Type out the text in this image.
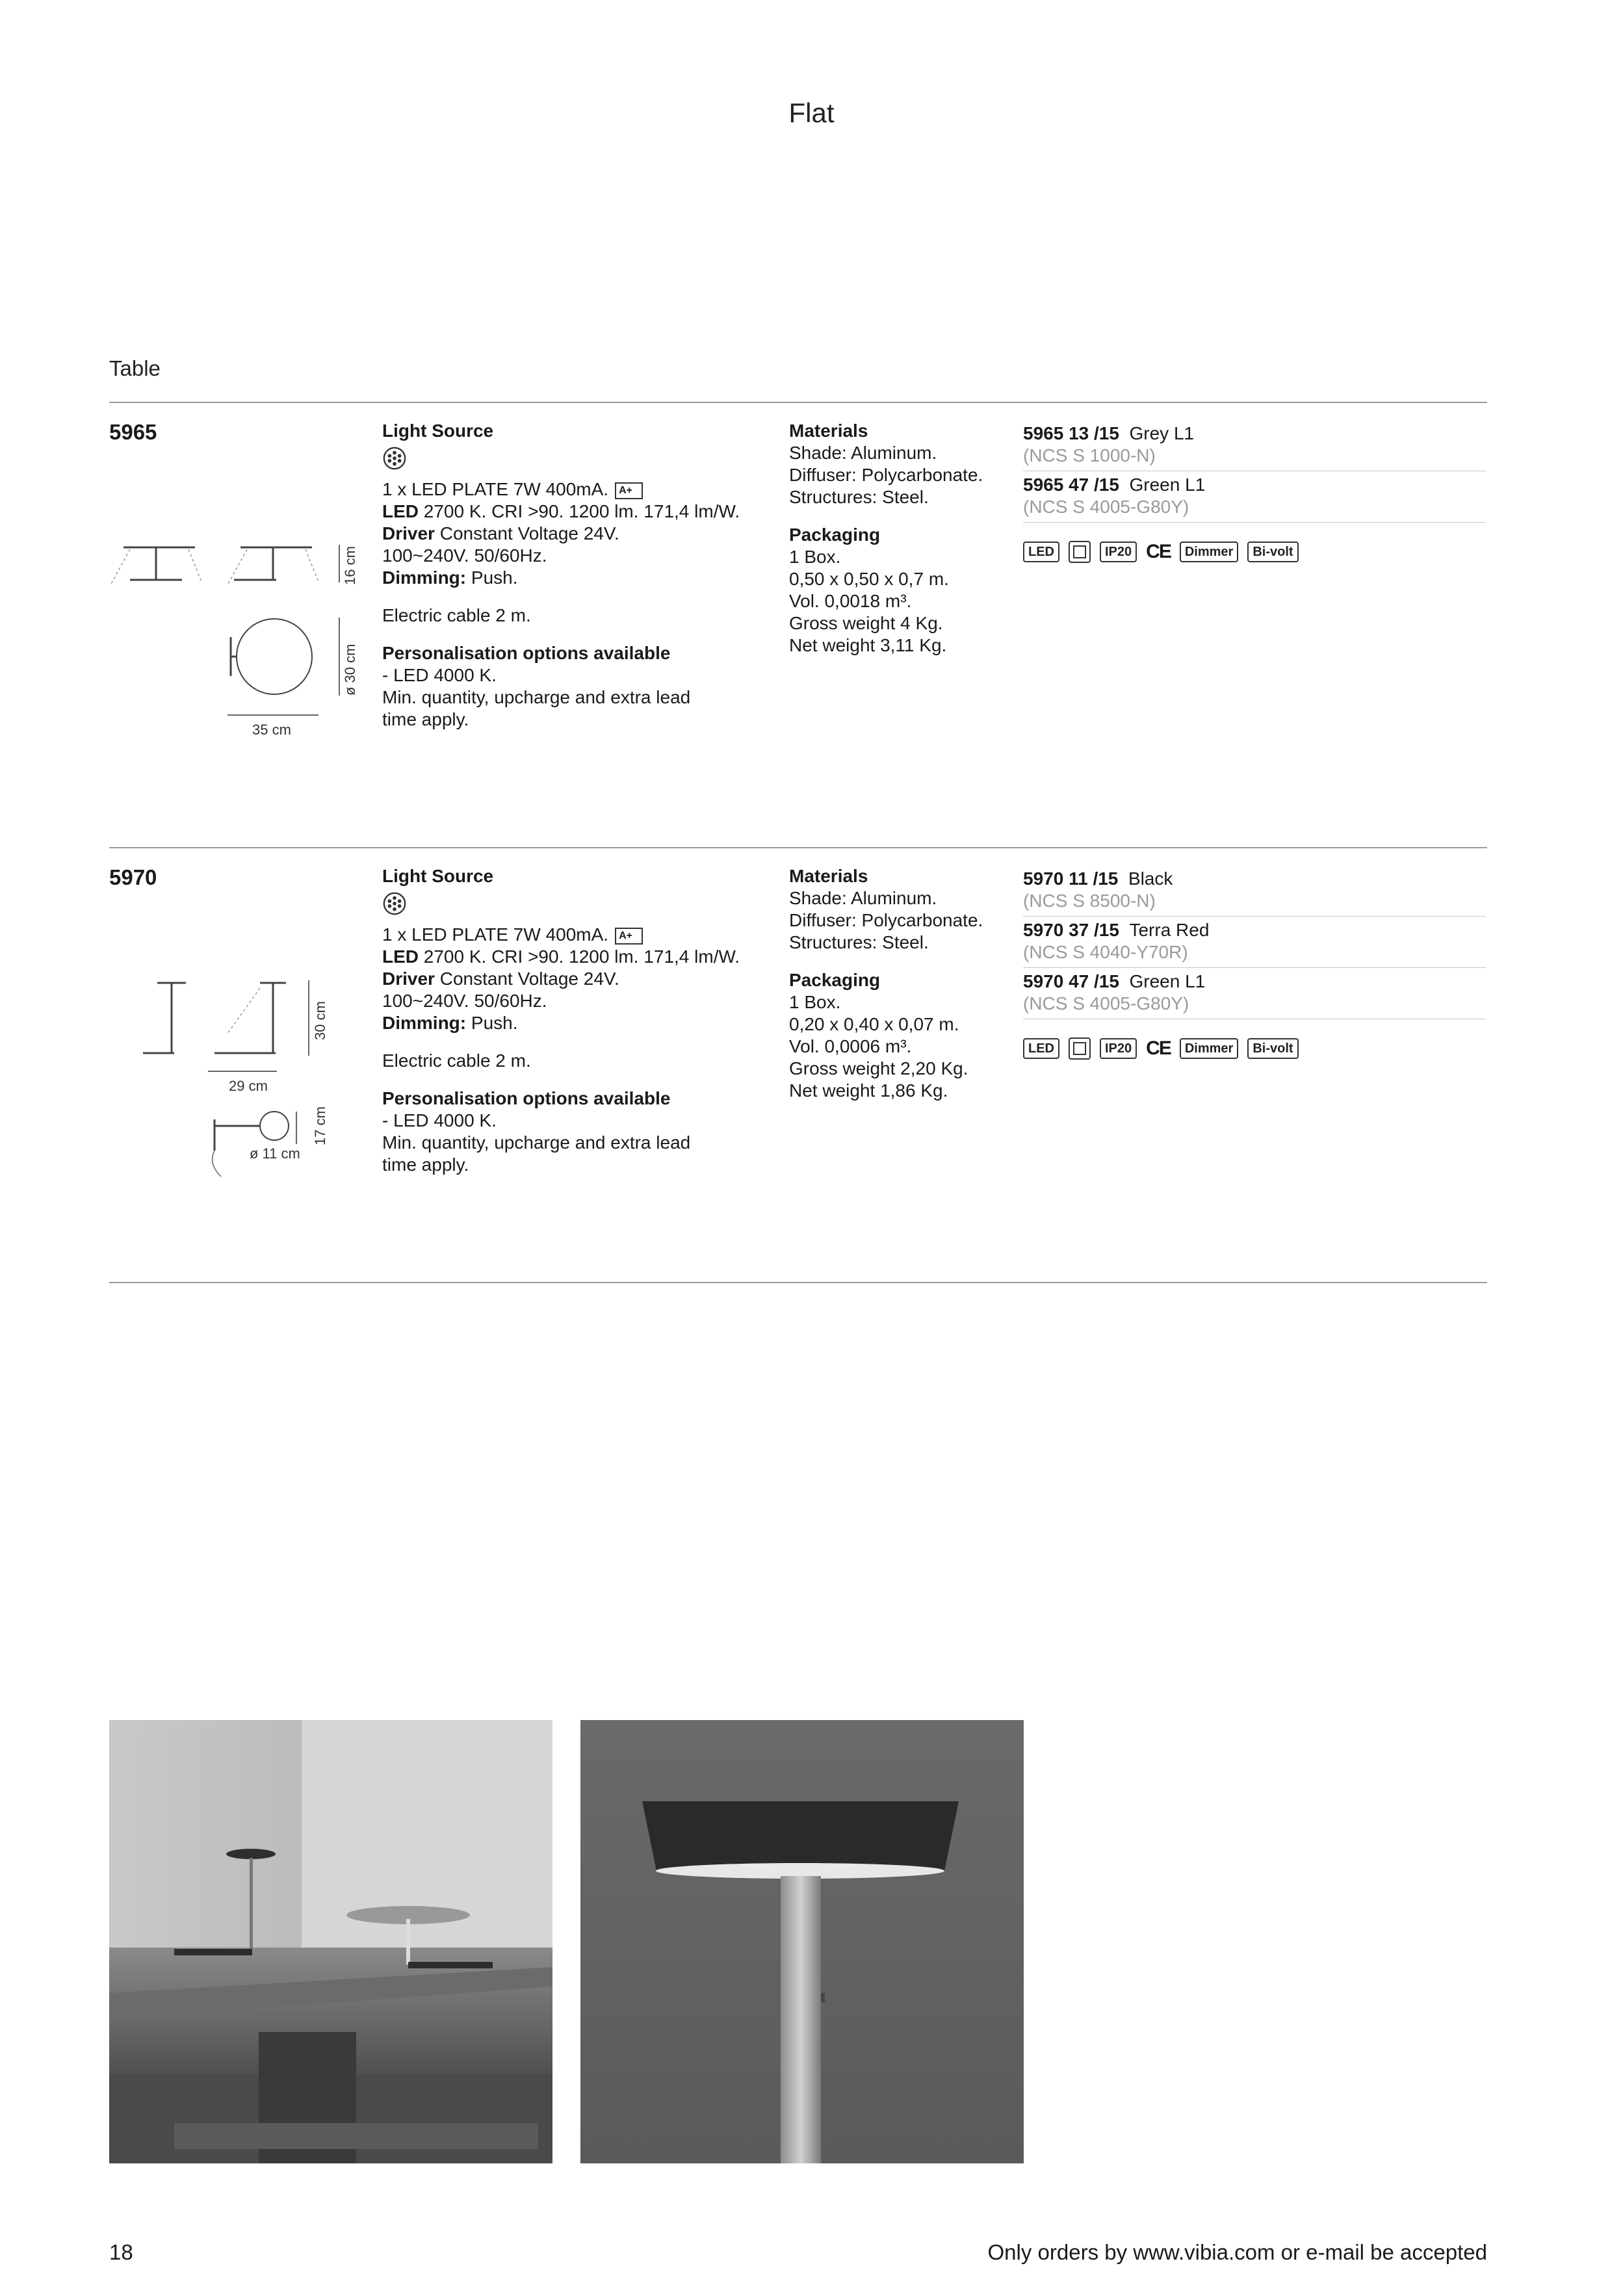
Flat
Table
5965
16 cm
ø 30 cm
35 cm

Light Source

1 x LED PLATE 7W 400mA. A+

LED 2700 K. CRI >90. 1200 lm. 171,4 lm/W.

Driver Constant Voltage 24V.

100~240V. 50/60Hz.

Dimming: Push.

Electric cable 2 m.

Personalisation options available

- LED 4000 K.

Min. quantity, upcharge and extra lead

time apply.

Materials

Shade: Aluminum.

Diffuser: Polycarbonate.

Structures: Steel.

Packaging

1 Box.

0,50 x 0,50 x 0,7 m.

Vol. 0,0018 m³.

Gross weight 4 Kg.

Net weight 3,11 Kg.

5965 13 /15 Grey L1
(NCS S 1000-N)
5965 47 /15 Green L1
(NCS S 4005-G80Y)
LED	IP20 CE	Dimmer	Bi-volt
5970
30 cm
29 cm
ø 11 cm
17 cm

Light Source

1 x LED PLATE 7W 400mA. A+

LED 2700 K. CRI >90. 1200 lm. 171,4 lm/W.

Driver Constant Voltage 24V.

100~240V. 50/60Hz.

Dimming: Push.

Electric cable 2 m.

Personalisation options available

- LED 4000 K.

Min. quantity, upcharge and extra lead

time apply.

Materials

Shade: Aluminum.

Diffuser: Polycarbonate.

Structures: Steel.

Packaging

1 Box.

0,20 x 0,40 x 0,07 m.

Vol. 0,0006 m³.

Gross weight 2,20 Kg.

Net weight 1,86 Kg.

5970 11 /15 Black
(NCS S 8500-N)
5970 37 /15 Terra Red
(NCS S 4040-Y70R)
5970 47 /15 Green L1
(NCS S 4005-G80Y)
LED	IP20 CE	Dimmer	Bi-volt
18	Only orders by www.vibia.com or e-mail be accepted
